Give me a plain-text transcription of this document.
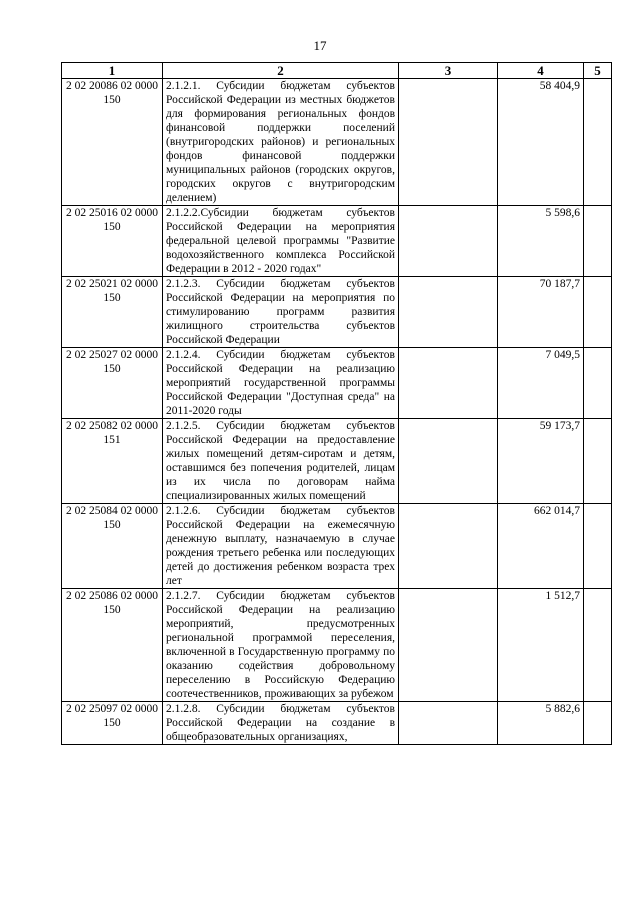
17
1	2	3	4	5
2 02 20086 02 0000 150	2.1.2.1. Субсидии бюджетам субъектов Российской Федерации из местных бюджетов для формирования региональных фондов финансовой поддержки поселений (внутригородских районов) и региональных фондов финансовой поддержки муниципальных районов (городских округов, городских округов с внутригородским делением)		58 404,9	
2 02 25016 02 0000 150	2.1.2.2.Субсидии бюджетам субъектов Российской Федерации на мероприятия федеральной целевой программы "Развитие водохозяйственного комплекса Российской Федерации в 2012 - 2020 годах"		5 598,6	
2 02 25021 02 0000 150	2.1.2.3. Субсидии бюджетам субъектов Российской Федерации на мероприятия по стимулированию программ развития жилищного строительства субъектов Российской Федерации		70 187,7	
2 02 25027 02 0000 150	2.1.2.4. Субсидии бюджетам субъектов Российской Федерации на реализацию мероприятий государственной программы Российской Федерации "Доступная среда" на 2011-2020 годы		7 049,5	
2 02 25082 02 0000 151	2.1.2.5. Субсидии бюджетам субъектов Российской Федерации на предоставление жилых помещений детям-сиротам и детям, оставшимся без попечения родителей, лицам из их числа по договорам найма специализированных жилых помещений		59 173,7	
2 02 25084 02 0000 150	2.1.2.6. Субсидии бюджетам субъектов Российской Федерации на ежемесячную денежную выплату, назначаемую в случае рождения третьего ребенка или последующих детей до достижения ребенком возраста трех лет		662 014,7	
2 02 25086 02 0000 150	2.1.2.7. Субсидии бюджетам субъектов Российской Федерации на реализацию мероприятий, предусмотренных региональной программой переселения, включенной в Государственную программу по оказанию содействия добровольному переселению в Российскую Федерацию соотечественников, проживающих за рубежом		1 512,7	
2 02 25097 02 0000 150	2.1.2.8. Субсидии бюджетам субъектов Российской Федерации на создание в общеобразовательных организациях,		5 882,6	
